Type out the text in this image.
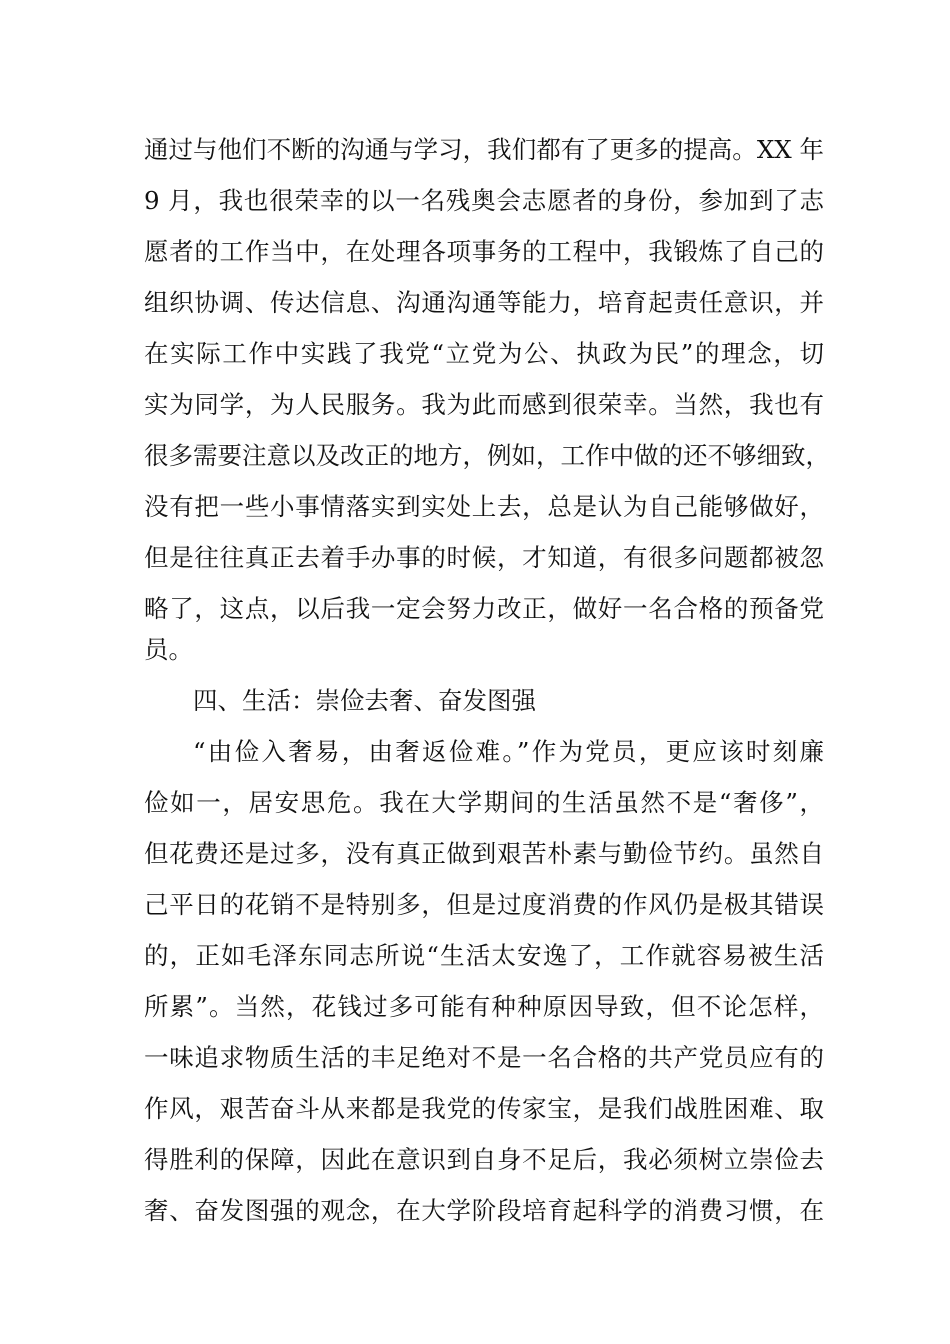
通过与他们不断的沟通与学习，我们都有了更多的提高。XX 年
9 月，我也很荣幸的以一名残奥会志愿者的身份，参加到了志
愿者的工作当中，在处理各项事务的工程中，我锻炼了自己的
组织协调、传达信息、沟通沟通等能力，培育起责任意识，并
在实际工作中实践了我党“立党为公、执政为民”的理念，切
实为同学，为人民服务。我为此而感到很荣幸。当然，我也有
很多需要注意以及改正的地方，例如，工作中做的还不够细致，
没有把一些小事情落实到实处上去，总是认为自己能够做好，
但是往往真正去着手办事的时候，才知道，有很多问题都被忽
略了，这点，以后我一定会努力改正，做好一名合格的预备党
员。
四、生活：崇俭去奢、奋发图强
“由俭入奢易，由奢返俭难。”作为党员，更应该时刻廉
俭如一，居安思危。我在大学期间的生活虽然不是“奢侈”，
但花费还是过多，没有真正做到艰苦朴素与勤俭节约。虽然自
己平日的花销不是特别多，但是过度消费的作风仍是极其错误
的，正如毛泽东同志所说“生活太安逸了，工作就容易被生活
所累”。当然，花钱过多可能有种种原因导致，但不论怎样，
一味追求物质生活的丰足绝对不是一名合格的共产党员应有的
作风，艰苦奋斗从来都是我党的传家宝，是我们战胜困难、取
得胜利的保障，因此在意识到自身不足后，我必须树立崇俭去
奢、奋发图强的观念，在大学阶段培育起科学的消费习惯，在
